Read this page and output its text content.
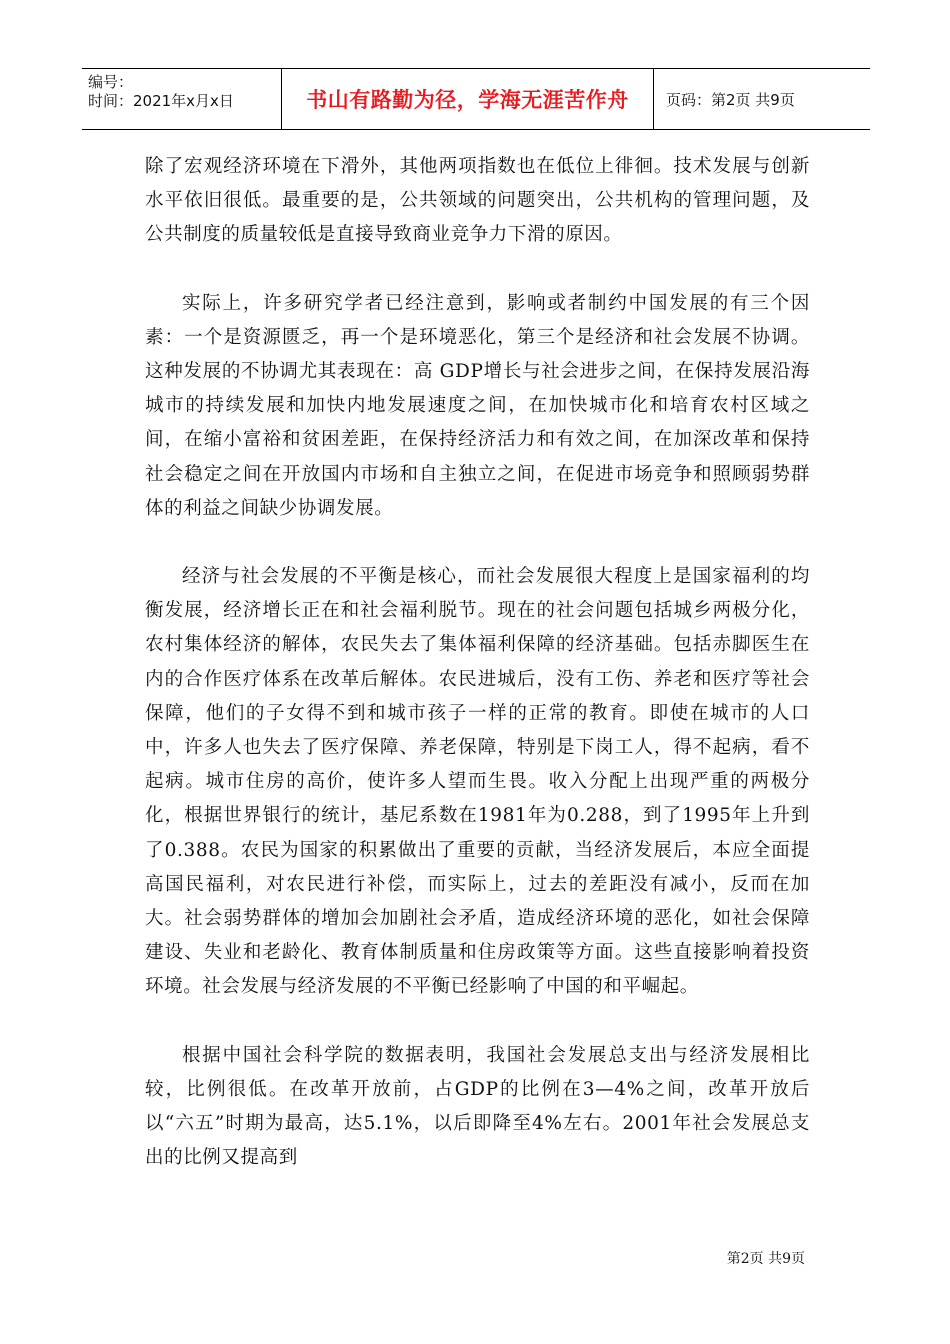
编号：
时间：2021年x月x日	书山有路勤为径，学海无涯苦作舟 页码：第2页 共9页

除了宏观经济环境在下滑外，其他两项指数也在低位上徘徊。技术发展与创新水平依旧很低。最重要的是，公共领域的问题突出，公共机构的管理问题，及公共制度的质量较低是直接导致商业竞争力下滑的原因。

实际上，许多研究学者已经注意到，影响或者制约中国发展的有三个因素：一个是资源匮乏，再一个是环境恶化，第三个是经济和社会发展不协调。这种发展的不协调尤其表现在：高 GDP增长与社会进步之间，在保持发展沿海城市的持续发展和加快内地发展速度之间，在加快城市化和培育农村区域之间，在缩小富裕和贫困差距，在保持经济活力和有效之间，在加深改革和保持社会稳定之间在开放国内市场和自主独立之间，在促进市场竞争和照顾弱势群体的利益之间缺少协调发展。

经济与社会发展的不平衡是核心，而社会发展很大程度上是国家福利的均衡发展，经济增长正在和社会福利脱节。现在的社会问题包括城乡两极分化，农村集体经济的解体，农民失去了集体福利保障的经济基础。包括赤脚医生在内的合作医疗体系在改革后解体。农民进城后，没有工伤、养老和医疗等社会保障，他们的子女得不到和城市孩子一样的正常的教育。即使在城市的人口中，许多人也失去了医疗保障、养老保障，特别是下岗工人，得不起病，看不起病。城市住房的高价，使许多人望而生畏。收入分配上出现严重的两极分化，根据世界银行的统计，基尼系数在1981年为0.288，到了1995年上升到了0.388。农民为国家的积累做出了重要的贡献，当经济发展后，本应全面提高国民福利，对农民进行补偿，而实际上，过去的差距没有减小，反而在加大。社会弱势群体的增加会加剧社会矛盾，造成经济环境的恶化，如社会保障建设、失业和老龄化、教育体制质量和住房政策等方面。这些直接影响着投资环境。社会发展与经济发展的不平衡已经影响了中国的和平崛起。

根据中国社会科学院的数据表明，我国社会发展总支出与经济发展相比较，比例很低。在改革开放前，占GDP的比例在3—4%之间，改革开放后以“六五”时期为最高，达5.1%，以后即降至4%左右。2001年社会发展总支出的比例又提高到

第2页 共9页
